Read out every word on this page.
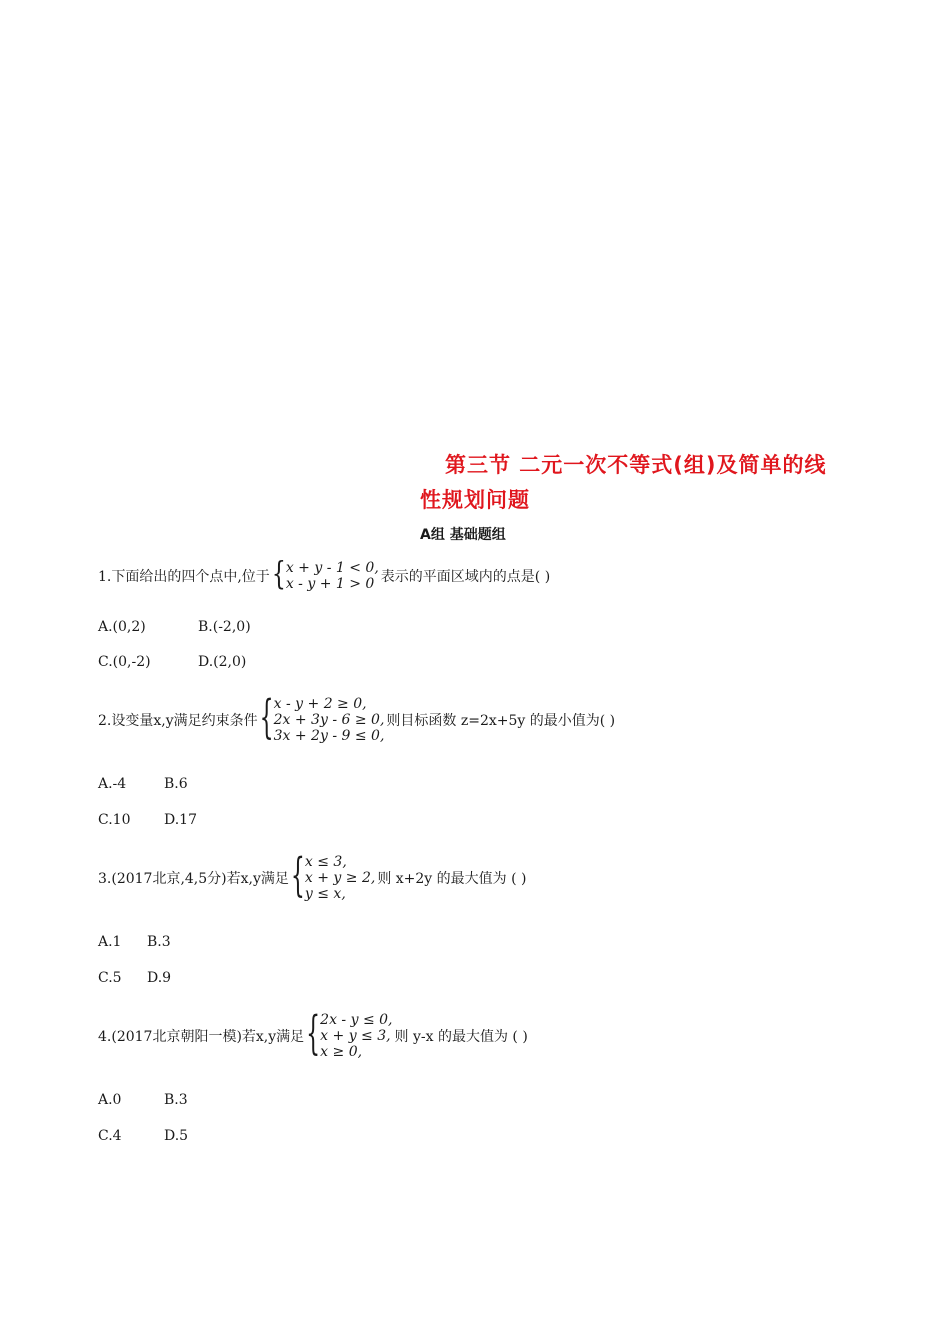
第三节 二元一次不等式(组)及简单的线
性规划问题
A组 基础题组
1.下面给出的四个点中,位于 { x + y - 1 < 0,
x - y + 1 > 0 表示的平面区域内的点是( )
A.(0,2)	B.(-2,0)
C.(0,-2)	D.(2,0)
2.设变量x,y满足约束条件 { x - y + 2 ≥ 0,
2x + 3y - 6 ≥ 0,
3x + 2y - 9 ≤ 0,
则目标函数 z=2x+5y 的最小值为( )
A.-4	B.6
C.10 D.17
3.(2017北京,4,5分)若x,y满足 { x ≤ 3,
x + y ≥ 2,
y ≤ x,
则 x+2y 的最大值为 ( )
A.1 B.3
C.5 D.9
4.(2017北京朝阳一模)若x,y满足 { 2x - y ≤ 0,
x + y ≤ 3,
x ≥ 0,
则 y-x 的最大值为 ( )
A.0	B.3
C.4	D.5
